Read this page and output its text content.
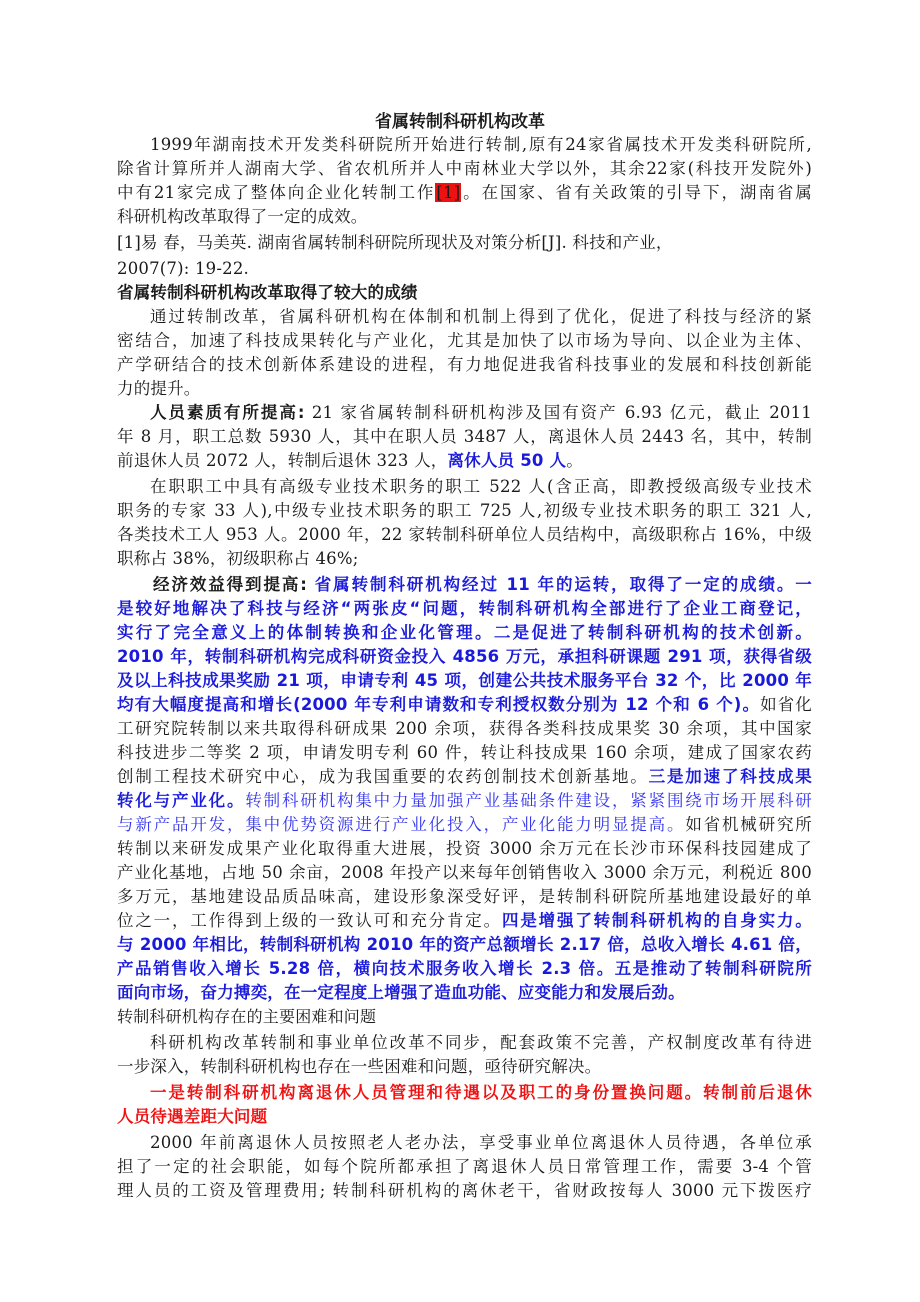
省属转制科研机构改革
1999年湖南技术开发类科研院所开始进行转制,原有24家省属技术开发类科研院所,
除省计算所并人湖南大学、省农机所并人中南林业大学以外，其余22家(科技开发院外)
中有21家完成了整体向企业化转制工作[1]。在国家、省有关政策的引导下，湖南省属
科研机构改革取得了一定的成效。
[1]易 春，马美英. 湖南省属转制科研院所现状及对策分析[J]. 科技和产业，
2007(7): 19-22.
省属转制科研机构改革取得了较大的成绩
通过转制改革，省属科研机构在体制和机制上得到了优化，促进了科技与经济的紧
密结合，加速了科技成果转化与产业化，尤其是加快了以市场为导向、以企业为主体、
产学研结合的技术创新体系建设的进程，有力地促进我省科技事业的发展和科技创新能
力的提升。
人员素质有所提高: 21 家省属转制科研机构涉及国有资产 6.93 亿元，截止 2011
年 8 月，职工总数 5930 人，其中在职人员 3487 人，离退休人员 2443 名，其中，转制
前退休人员 2072 人，转制后退休 323 人，离休人员 50 人。
在职职工中具有高级专业技术职务的职工 522 人(含正高，即教授级高级专业技术
职务的专家 33 人),中级专业技术职务的职工 725 人,初级专业技术职务的职工 321 人,
各类技术工人 953 人。2000 年，22 家转制科研单位人员结构中，高级职称占 16%，中级
职称占 38%，初级职称占 46%;
经济效益得到提高: 省属转制科研机构经过 11 年的运转，取得了一定的成绩。一
是较好地解决了科技与经济“两张皮“问题，转制科研机构全部进行了企业工商登记，
实行了完全意义上的体制转换和企业化管理。二是促进了转制科研机构的技术创新。
2010 年，转制科研机构完成科研资金投入 4856 万元，承担科研课题 291 项，获得省级
及以上科技成果奖励 21 项，申请专利 45 项，创建公共技术服务平台 32 个，比 2000 年
均有大幅度提高和增长(2000 年专利申请数和专利授权数分别为 12 个和 6 个)。如省化
工研究院转制以来共取得科研成果 200 余项，获得各类科技成果奖 30 余项，其中国家
科技进步二等奖 2 项，申请发明专利 60 件，转让科技成果 160 余项，建成了国家农药
创制工程技术研究中心，成为我国重要的农药创制技术创新基地。三是加速了科技成果
转化与产业化。转制科研机构集中力量加强产业基础条件建设，紧紧围绕市场开展科研
与新产品开发，集中优势资源进行产业化投入，产业化能力明显提高。如省机械研究所
转制以来研发成果产业化取得重大进展，投资 3000 余万元在长沙市环保科技园建成了
产业化基地，占地 50 余亩，2008 年投产以来每年创销售收入 3000 余万元，利税近 800
多万元，基地建设品质品味高，建设形象深受好评，是转制科研院所基地建设最好的单
位之一，工作得到上级的一致认可和充分肯定。四是增强了转制科研机构的自身实力。
与 2000 年相比，转制科研机构 2010 年的资产总额增长 2.17 倍，总收入增长 4.61 倍，
产品销售收入增长 5.28 倍，横向技术服务收入增长 2.3 倍。五是推动了转制科研院所
面向市场，奋力搏奕，在一定程度上增强了造血功能、应变能力和发展后劲。
转制科研机构存在的主要困难和问题
科研机构改革转制和事业单位改革不同步，配套政策不完善，产权制度改革有待进
一步深入，转制科研机构也存在一些困难和问题，亟待研究解决。
一是转制科研机构离退休人员管理和待遇以及职工的身份置换问题。转制前后退休
人员待遇差距大问题
2000 年前离退休人员按照老人老办法，享受事业单位离退休人员待遇，各单位承
担了一定的社会职能，如每个院所都承担了离退休人员日常管理工作，需要 3-4 个管
理人员的工资及管理费用; 转制科研机构的离休老干，省财政按每人 3000 元下拨医疗
